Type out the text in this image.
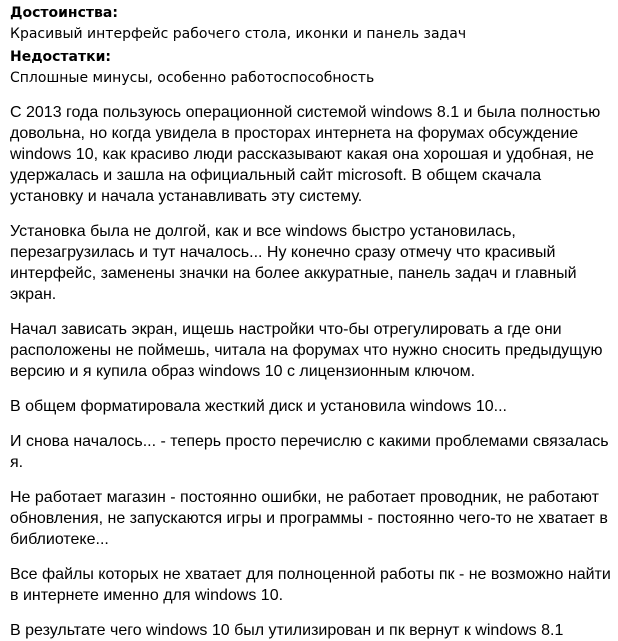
Достоинства:
Красивый интерфейс рабочего стола, иконки и панель задач
Недостатки:
Сплошные минусы, особенно работоспособность

С 2013 года пользуюсь операционной системой windows 8.1 и была полностью довольна, но когда увидела в просторах интернета на форумах обсуждение windows 10, как красиво люди рассказывают какая она хорошая и удобная, не удержалась и зашла на официальный сайт microsoft. В общем скачала установку и начала устанавливать эту систему.

Установка была не долгой, как и все windows быстро установилась, перезагрузилась и тут началось... Ну конечно сразу отмечу что красивый интерфейс, заменены значки на более аккуратные, панель задач и главный экран.

Начал зависать экран, ищешь настройки что-бы отрегулировать а где они расположены не поймешь, читала на форумах что нужно сносить предыдущую версию и я купила образ windows 10 с лицензионным ключом.

В общем форматировала жесткий диск и установила windows 10...

И снова началось... - теперь просто перечислю с какими проблемами связалась я.

Не работает магазин - постоянно ошибки, не работает проводник, не работают обновления, не запускаются игры и программы - постоянно чего-то не хватает в библиотеке...

Все файлы которых не хватает для полноценной работы пк - не возможно найти в интернете именно для windows 10.

В результате чего windows 10 был утилизирован и пк вернут к windows 8.1
